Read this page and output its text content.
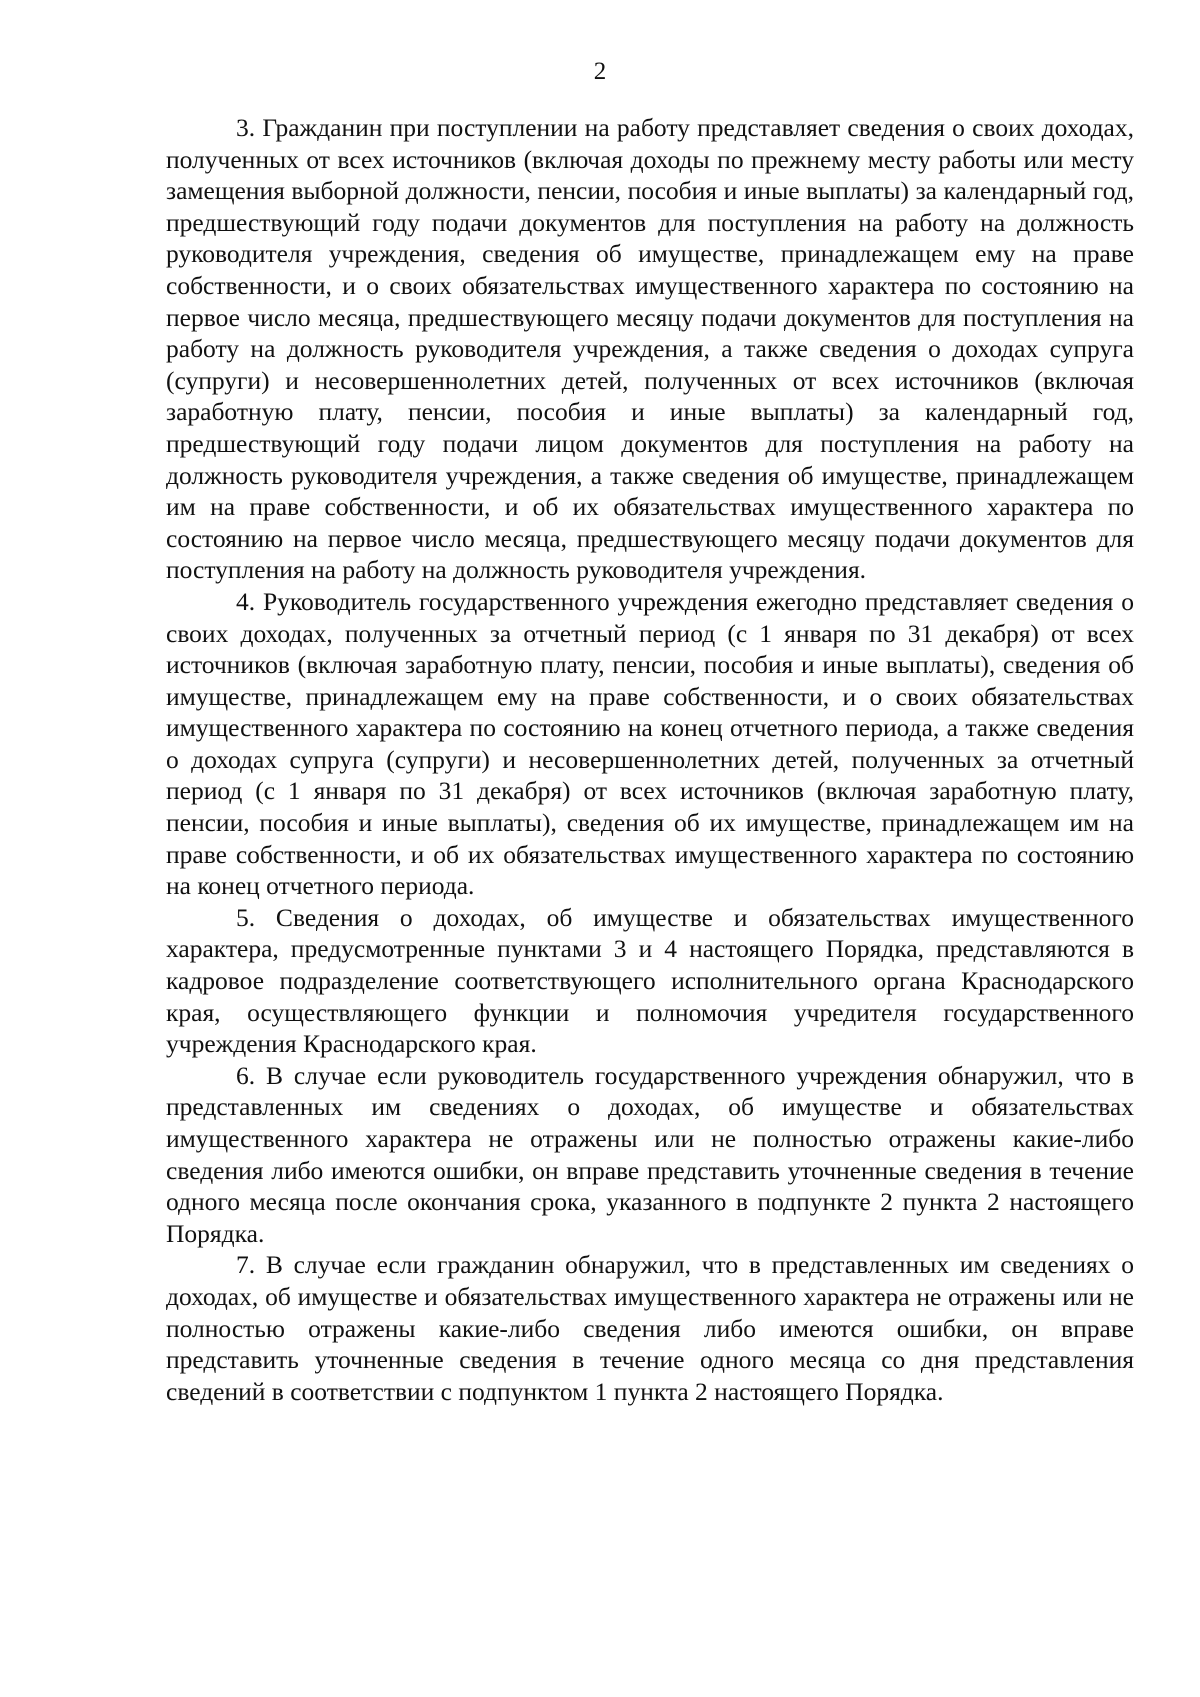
2

3. Гражданин при поступлении на работу представляет сведения о своих доходах, полученных от всех источников (включая доходы по прежнему месту работы или месту замещения выборной должности, пенсии, пособия и иные выплаты) за календарный год, предшествующий году подачи документов для поступления на работу на должность руководителя учреждения, сведения об имуществе, принадлежащем ему на праве собственности, и о своих обязательствах имущественного характера по состоянию на первое число месяца, предшествующего месяцу подачи документов для поступления на работу на должность руководителя учреждения, а также сведения о доходах супруга (супруги) и несовершеннолетних детей, полученных от всех источников (включая заработную плату, пенсии, пособия и иные выплаты) за календарный год, предшествующий году подачи лицом документов для поступления на работу на должность руководителя учреждения, а также сведения об имуществе, принадлежащем им на праве собственности, и об их обязательствах имущественного характера по состоянию на первое число месяца, предшествующего месяцу подачи документов для поступления на работу на должность руководителя учреждения.

4. Руководитель государственного учреждения ежегодно представляет сведения о своих доходах, полученных за отчетный период (с 1 января по 31 декабря) от всех источников (включая заработную плату, пенсии, пособия и иные выплаты), сведения об имуществе, принадлежащем ему на праве собственности, и о своих обязательствах имущественного характера по состоянию на конец отчетного периода, а также сведения о доходах супруга (супруги) и несовершеннолетних детей, полученных за отчетный период (с 1 января по 31 декабря) от всех источников (включая заработную плату, пенсии, пособия и иные выплаты), сведения об их имуществе, принадлежащем им на праве собственности, и об их обязательствах имущественного характера по состоянию на конец отчетного периода.

5. Сведения о доходах, об имуществе и обязательствах имущественного характера, предусмотренные пунктами 3 и 4 настоящего Порядка, представляются в кадровое подразделение соответствующего исполнительного органа Краснодарского края, осуществляющего функции и полномочия учредителя государственного учреждения Краснодарского края.

6. В случае если руководитель государственного учреждения обнаружил, что в представленных им сведениях о доходах, об имуществе и обязательствах имущественного характера не отражены или не полностью отражены какие-либо сведения либо имеются ошибки, он вправе представить уточненные сведения в течение одного месяца после окончания срока, указанного в подпункте 2 пункта 2 настоящего Порядка.

7. В случае если гражданин обнаружил, что в представленных им сведениях о доходах, об имуществе и обязательствах имущественного характера не отражены или не полностью отражены какие-либо сведения либо имеются ошибки, он вправе представить уточненные сведения в течение одного месяца со дня представления сведений в соответствии с подпунктом 1 пункта 2 настоящего Порядка.
